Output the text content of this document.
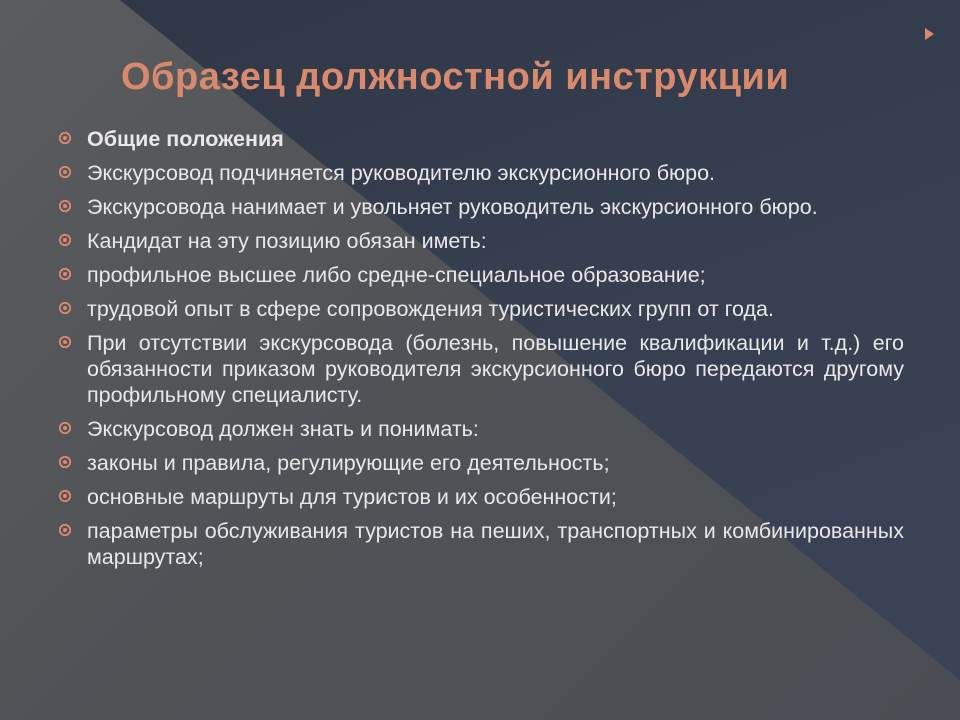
Образец должностной инструкции
Общие положения
Экскурсовод подчиняется руководителю экскурсионного бюро.
Экскурсовода нанимает и увольняет руководитель экскурсионного бюро.
Кандидат на эту позицию обязан иметь:
профильное высшее либо средне-специальное образование;
трудовой опыт в сфере сопровождения туристических групп от года.
При отсутствии экскурсовода (болезнь, повышение квалификации и т.д.) его обязанности приказом руководителя экскурсионного бюро передаются другому профильному специалисту.
Экскурсовод должен знать и понимать:
законы и правила, регулирующие его деятельность;
основные маршруты для туристов и их особенности;
параметры обслуживания туристов на пеших, транспортных и комбинированных маршрутах;
